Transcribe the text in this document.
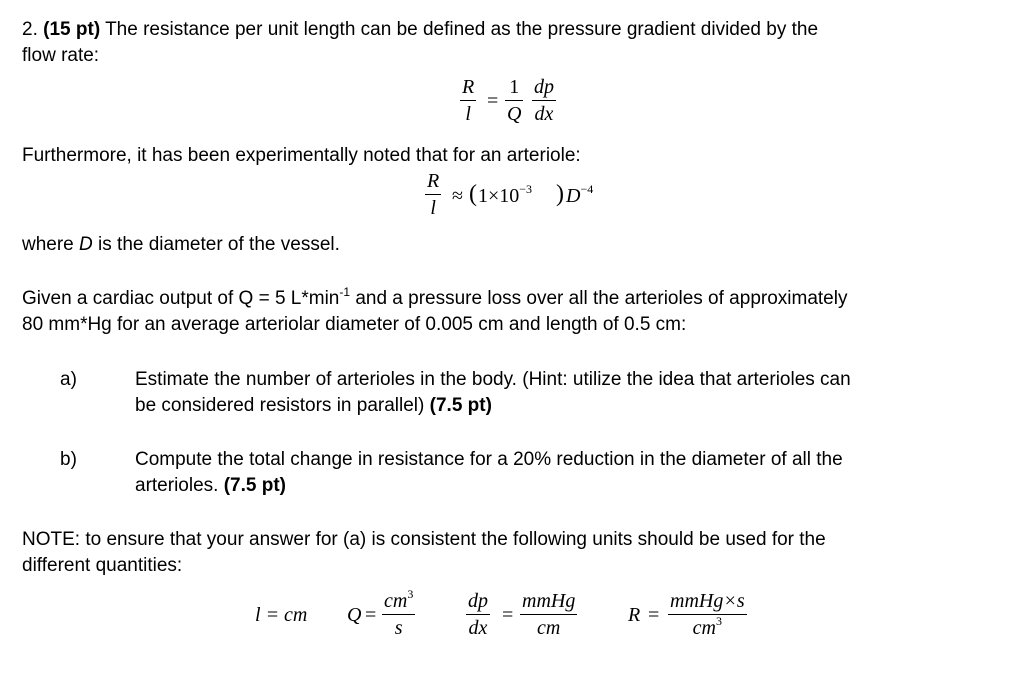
2. (15 pt) The resistance per unit length can be defined as the pressure gradient divided by the
flow rate:
R
l
=
1
Q
dp
dx
Furthermore, it has been experimentally noted that for an arteriole:
R
l
≈ ( $1\times 10^{-3}$ ) $D^{-4}$
where D is the diameter of the vessel.
Given a cardiac output of Q = 5 $L*\min^{-1}$ and a pressure loss over all the arterioles of approximately
80 mm*Hg for an average arteriolar diameter of 0.005 cm and length of 0.5 cm:
a)	Estimate the number of arterioles in the body. (Hint: utilize the idea that arterioles can
be considered resistors in parallel) (7.5 pt)
b)	Compute the total change in resistance for a 20% reduction in the diameter of all the
arterioles. (7.5 pt)
NOTE: to ensure that your answer for (a) is consistent the following units should be used for the
different quantities:
l = cm Q =
$cm^3$
s
dp
dx
=
mmHg
cm
R =
mmHg×s
$cm^3$
